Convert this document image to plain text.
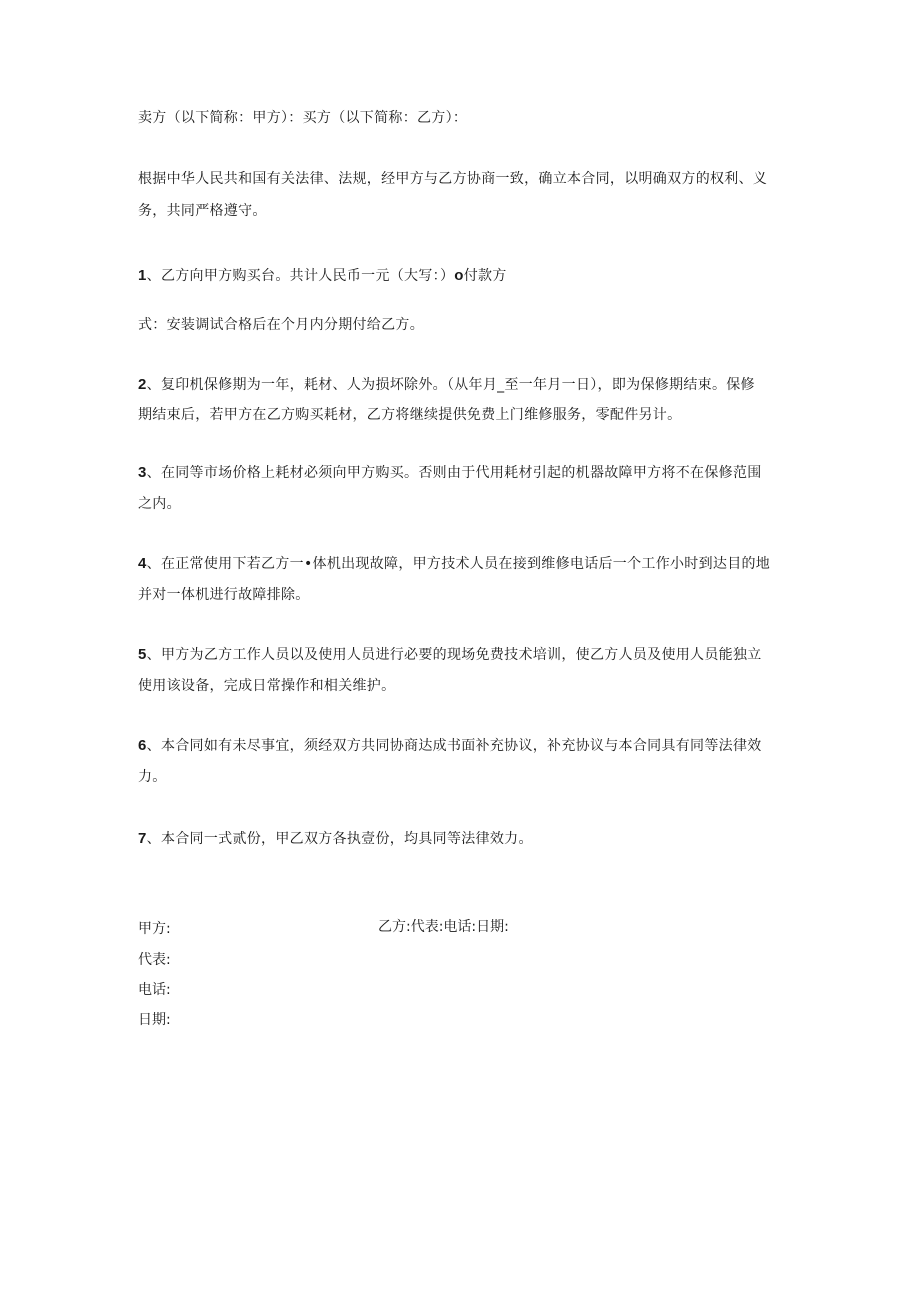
卖方（以下简称：甲方）：买方（以下简称：乙方）：
根据中华人民共和国有关法律、法规，经甲方与乙方协商一致，确立本合同，以明确双方的权利、义
务，共同严格遵守。
1、乙方向甲方购买台。共计人民币一元（大写：）o付款方
式：安装调试合格后在个月内分期付给乙方。
2、复印机保修期为一年，耗材、人为损坏除外。（从年月_至一年月一日），即为保修期结束。保修
期结束后，若甲方在乙方购买耗材，乙方将继续提供免费上门维修服务，零配件另计。
3、在同等市场价格上耗材必须向甲方购买。否则由于代用耗材引起的机器故障甲方将不在保修范围
之内。
4、在正常使用下若乙方一•体机出现故障，甲方技术人员在接到维修电话后一个工作小时到达目的地
并对一体机进行故障排除。
5、甲方为乙方工作人员以及使用人员进行必要的现场免费技术培训，使乙方人员及使用人员能独立
使用该设备，完成日常操作和相关维护。
6、本合同如有未尽事宜，须经双方共同协商达成书面补充协议，补充协议与本合同具有同等法律效
力。
7、本合同一式贰份，甲乙双方各执壹份，均具同等法律效力。
甲方:	乙方:代表:电话:日期:
代表:
电话:
日期:
